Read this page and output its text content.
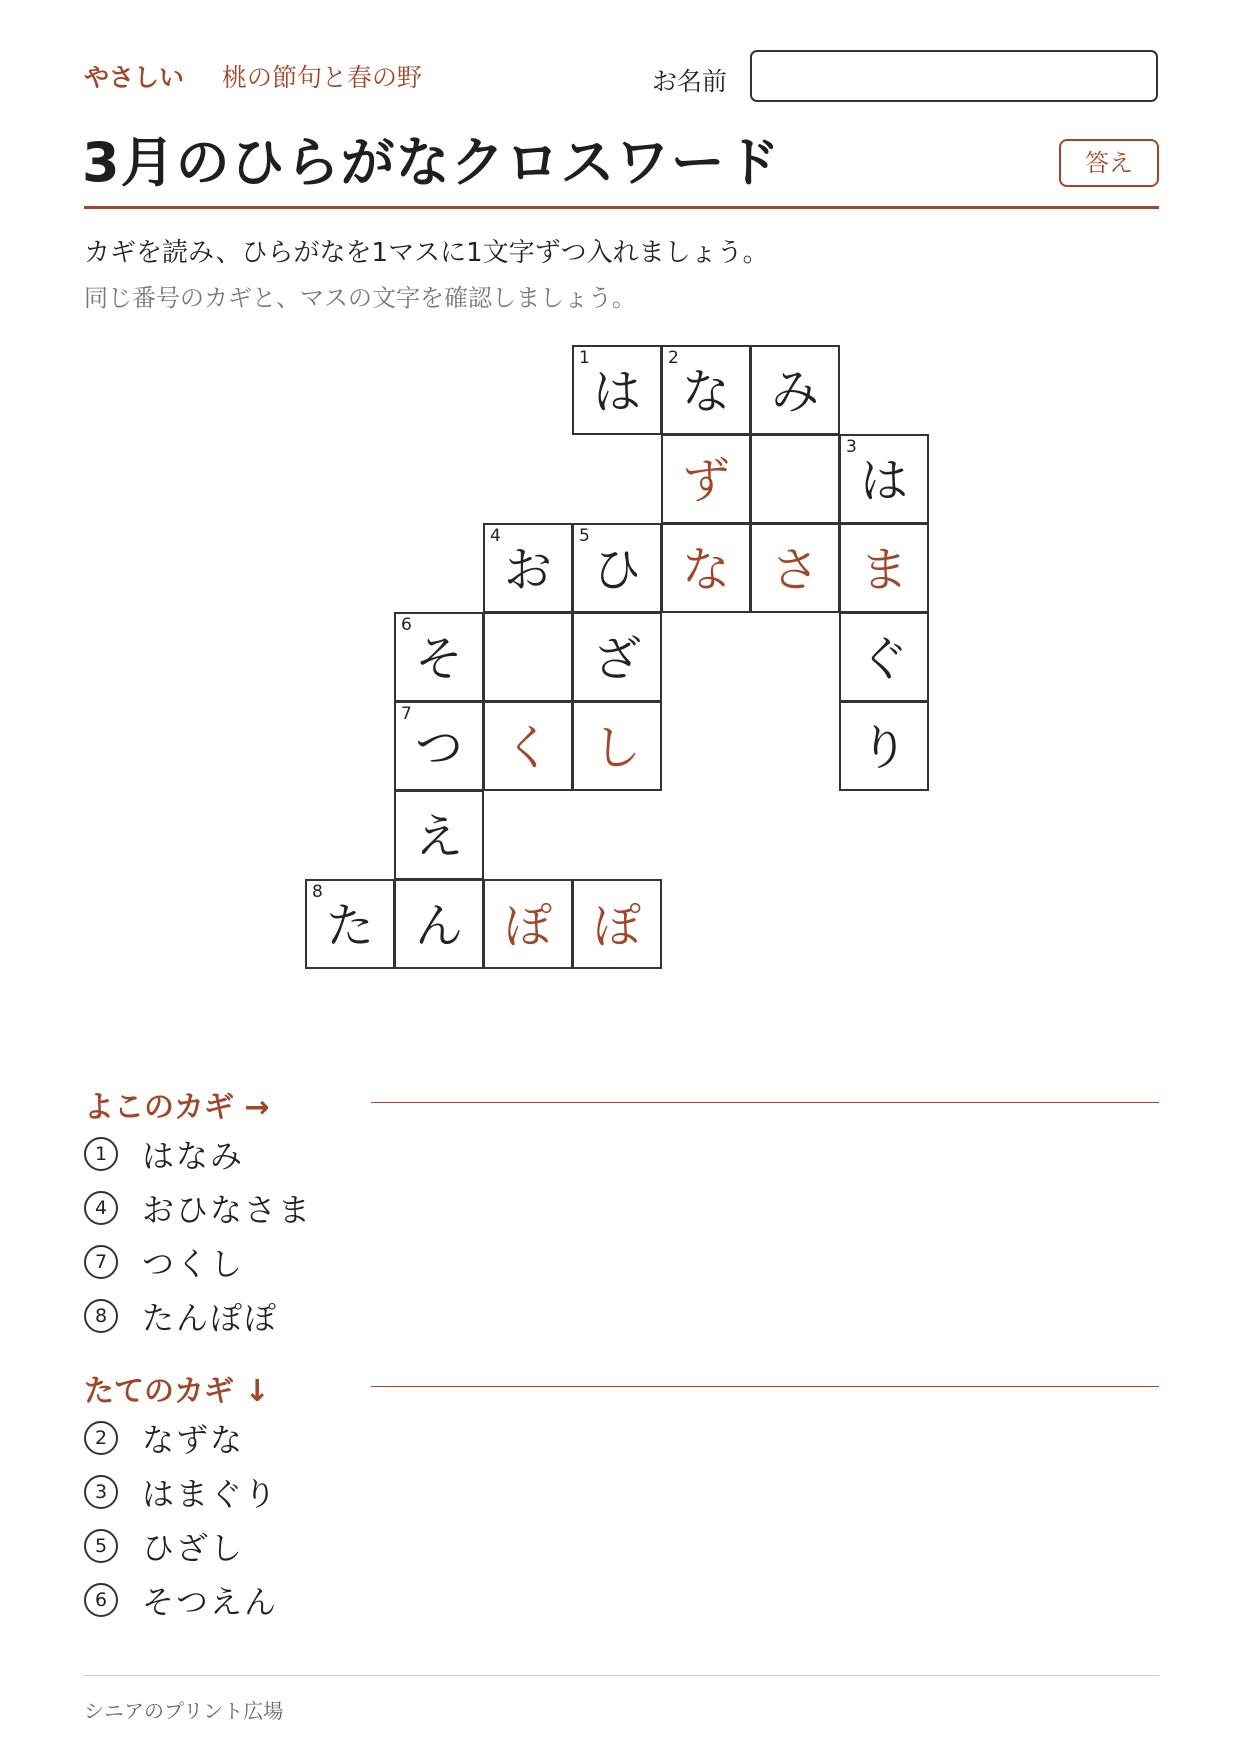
やさしい 桃の節句と春の野	お名前
3月のひらがなクロスワード	答え
カギを読み、ひらがなを1マスに1文字ずつ入れましょう。
同じ番号のカギと、マスの文字を確認しましょう。
は
1
な
2
み
ず	は
3
お
4
ひ
5
な さ ま
そ
6
ざ	ぐ
つ
7
く し	り
え
た
8
ん ぽ ぽ
よこのカギ →
1 はなみ
4 おひなさま
7 つくし
8 たんぽぽ
たてのカギ ↓
2 なずな
3 はまぐり
5 ひざし
6 そつえん
シニアのプリント広場
